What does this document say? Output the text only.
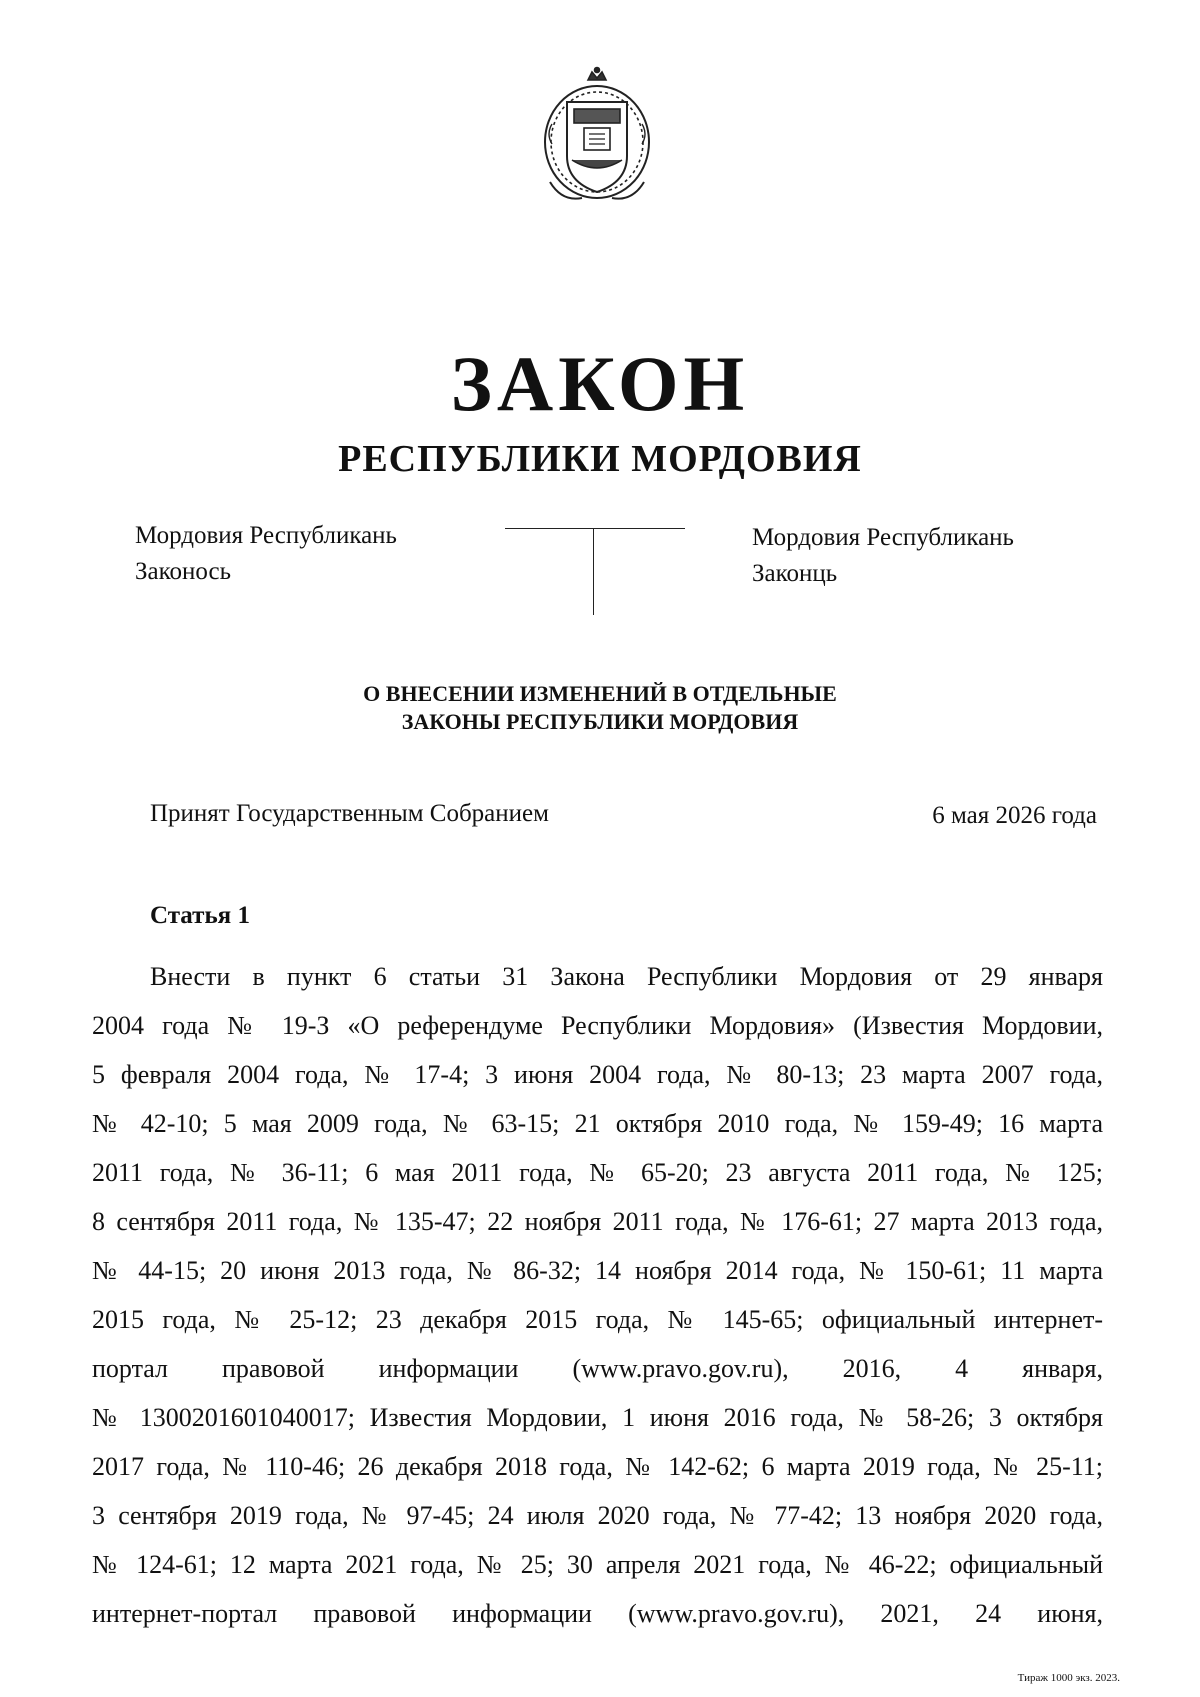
ЗАКОН
РЕСПУБЛИКИ МОРДОВИЯ
Мордовия Республикань
Законось
Мордовия Республикань
Законць
О ВНЕСЕНИИ ИЗМЕНЕНИЙ В ОТДЕЛЬНЫЕ
ЗАКОНЫ РЕСПУБЛИКИ МОРДОВИЯ
Принят Государственным Собранием	6 мая 2026 года
Статья 1
Внести в пункт 6 статьи 31 Закона Республики Мордовия от 29 января
2004 года № 19-З «О референдуме Республики Мордовия» (Известия Мордовии,
5 февраля 2004 года, № 17-4; 3 июня 2004 года, № 80-13; 23 марта 2007 года,
№ 42-10; 5 мая 2009 года, № 63-15; 21 октября 2010 года, № 159-49; 16 марта
2011 года, № 36-11; 6 мая 2011 года, № 65-20; 23 августа 2011 года, № 125;
8 сентября 2011 года, № 135-47; 22 ноября 2011 года, № 176-61; 27 марта 2013 года,
№ 44-15; 20 июня 2013 года, № 86-32; 14 ноября 2014 года, № 150-61; 11 марта
2015 года, № 25-12; 23 декабря 2015 года, № 145-65; официальный интернет-
портал правовой информации (www.pravo.gov.ru), 2016, 4 января,
№ 1300201601040017; Известия Мордовии, 1 июня 2016 года, № 58-26; 3 октября
2017 года, № 110-46; 26 декабря 2018 года, № 142-62; 6 марта 2019 года, № 25-11;
3 сентября 2019 года, № 97-45; 24 июля 2020 года, № 77-42; 13 ноября 2020 года,
№ 124-61; 12 марта 2021 года, № 25; 30 апреля 2021 года, № 46-22; официальный
интернет-портал правовой информации (www.pravo.gov.ru), 2021, 24 июня,
Тираж 1000 экз. 2023.
